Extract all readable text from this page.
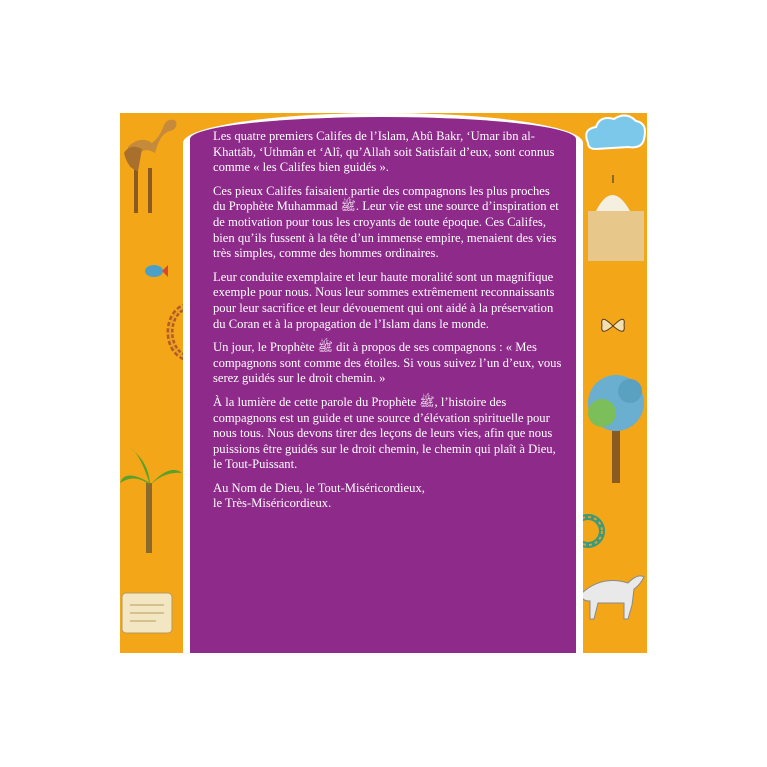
Les quatre premiers Califes de l’Islam, Abû Bakr, ‘Umar ibn al-Khattâb, ‘Uthmân et ‘Alî, qu’Allah soit Satisfait d’eux, sont connus comme « les Califes bien guidés ».

Ces pieux Califes faisaient partie des compagnons les plus proches du Prophète Muhammad ﷺ. Leur vie est une source d’inspiration et de motivation pour tous les croyants de toute époque. Ces Califes, bien qu’ils fussent à la tête d’un immense empire, menaient des vies très simples, comme des hommes ordinaires.

Leur conduite exemplaire et leur haute moralité sont un magnifique exemple pour nous. Nous leur sommes extrêmement reconnaissants pour leur sacrifice et leur dévouement qui ont aidé à la préservation du Coran et à la propagation de l’Islam dans le monde.

Un jour, le Prophète ﷺ dit à propos de ses compagnons : « Mes compagnons sont comme des étoiles. Si vous suivez l’un d’eux, vous serez guidés sur le droit chemin. »

À la lumière de cette parole du Prophète ﷺ, l’histoire des compagnons est un guide et une source d’élévation spirituelle pour nous tous. Nous devons tirer des leçons de leurs vies, afin que nous puissions être guidés sur le droit chemin, le chemin qui plaît à Dieu, le Tout-Puissant.

Au Nom de Dieu, le Tout-Miséricordieux,
le Très-Miséricordieux.
